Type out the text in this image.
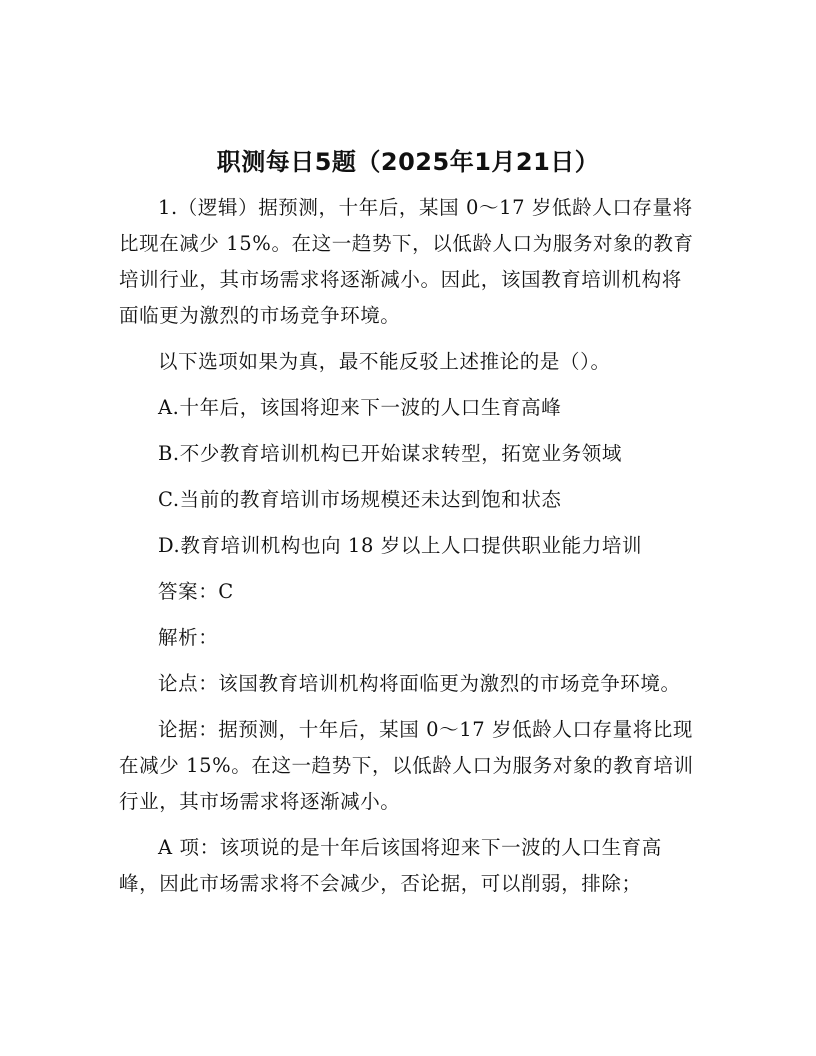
职测每日5题（2025年1月21日）

1.（逻辑）据预测，十年后，某国 0～17 岁低龄人口存量将比现在减少 15%。在这一趋势下，以低龄人口为服务对象的教育培训行业，其市场需求将逐渐减小。因此，该国教育培训机构将面临更为激烈的市场竞争环境。

以下选项如果为真，最不能反驳上述推论的是（）。

A.十年后，该国将迎来下一波的人口生育高峰

B.不少教育培训机构已开始谋求转型，拓宽业务领域

C.当前的教育培训市场规模还未达到饱和状态

D.教育培训机构也向 18 岁以上人口提供职业能力培训

答案：C

解析：

论点：该国教育培训机构将面临更为激烈的市场竞争环境。

论据：据预测，十年后，某国 0～17 岁低龄人口存量将比现在减少 15%。在这一趋势下，以低龄人口为服务对象的教育培训行业，其市场需求将逐渐减小。

A 项：该项说的是十年后该国将迎来下一波的人口生育高峰，因此市场需求将不会减少，否论据，可以削弱，排除；
